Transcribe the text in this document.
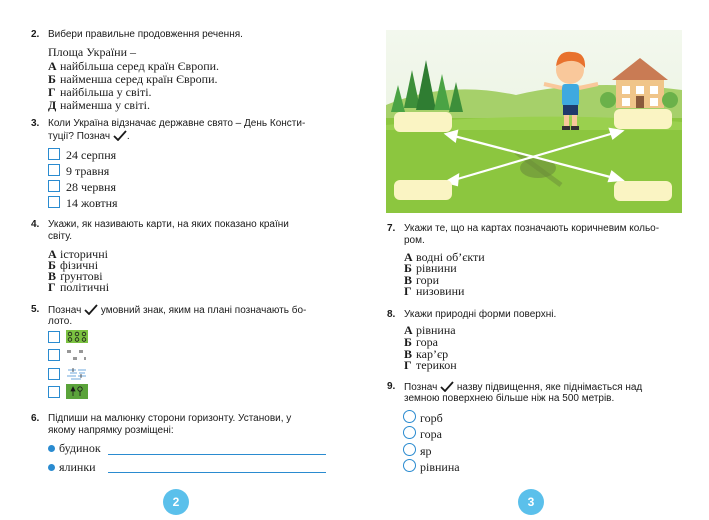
2. Вибери правильне продовження речення.
Площа України –
А найбільша серед країн Європи.
Б найменша серед країн Європи.
Г найбільша у світі.
Д найменша у світі.
3. Коли Україна відзначає державне свято – День Консти-
туції? Познач .
24 серпня
9 травня
28 червня
14 жовтня
4. Укажи, як називають карти, на яких показано країни
світу.
А історичні
Б фізичні
В ґрунтові
Г політичні
5. Познач умовний знак, яким на плані позначають бо-
лото.
6. Підпиши на малюнку сторони горизонту. Установи, у
якому напрямку розміщені:
будинок
ялинки
2
7. Укажи те, що на картах позначають коричневим кольо-
ром.
А водні об’єкти
Б рівнини
В гори
Г низовини
8. Укажи природні форми поверхні.
А рівнина
Б гора
В кар’єр
Г терикон
9. Познач назву підвищення, яке піднімається над
земною поверхнею більше ніж на 500 метрів.
горб
гора
яр
рівнина
3
